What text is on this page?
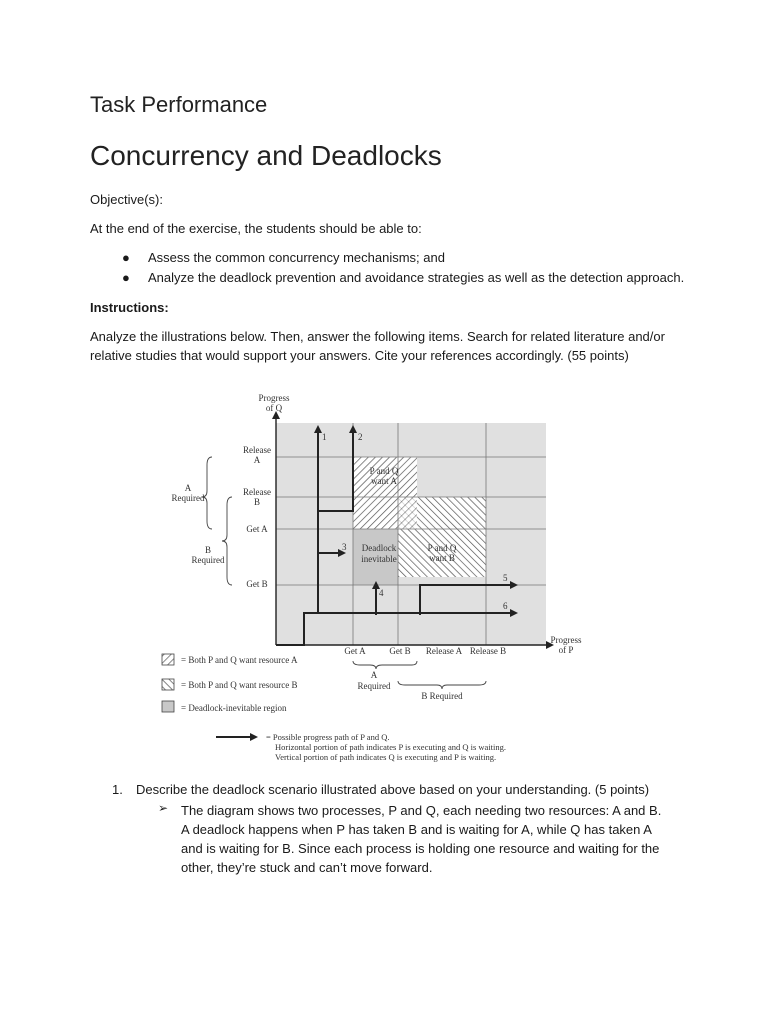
Task Performance
Concurrency and Deadlocks
Objective(s):
At the end of the exercise, the students should be able to:
●	Assess the common concurrency mechanisms; and
●	Analyze the deadlock prevention and avoidance strategies as well as the detection approach.
Instructions:
Analyze the illustrations below. Then, answer the following items. Search for related literature and/or relative studies that would support your answers. Cite your references accordingly. (55 points)
1	2
3
4
5
6
P and Q
want A
P and Q
want B
Deadlock
inevitable
Progress
of Q
Release
A
Release
B
Get A
Get B
A
Required
B
Required
Get A	Get B Release A Release B
Progress
of P
A
Required
B Required
= Both P and Q want resource A
= Both P and Q want resource B
= Deadlock-inevitable region
= Possible progress path of P and Q.
Horizontal portion of path indicates P is executing and Q is waiting.
Vertical portion of path indicates Q is executing and P is waiting.
1. Describe the deadlock scenario illustrated above based on your understanding. (5 points)
➢ The diagram shows two processes, P and Q, each needing two resources: A and B. A deadlock happens when P has taken B and is waiting for A, while Q has taken A and is waiting for B. Since each process is holding one resource and waiting for the other, they’re stuck and can’t move forward.
